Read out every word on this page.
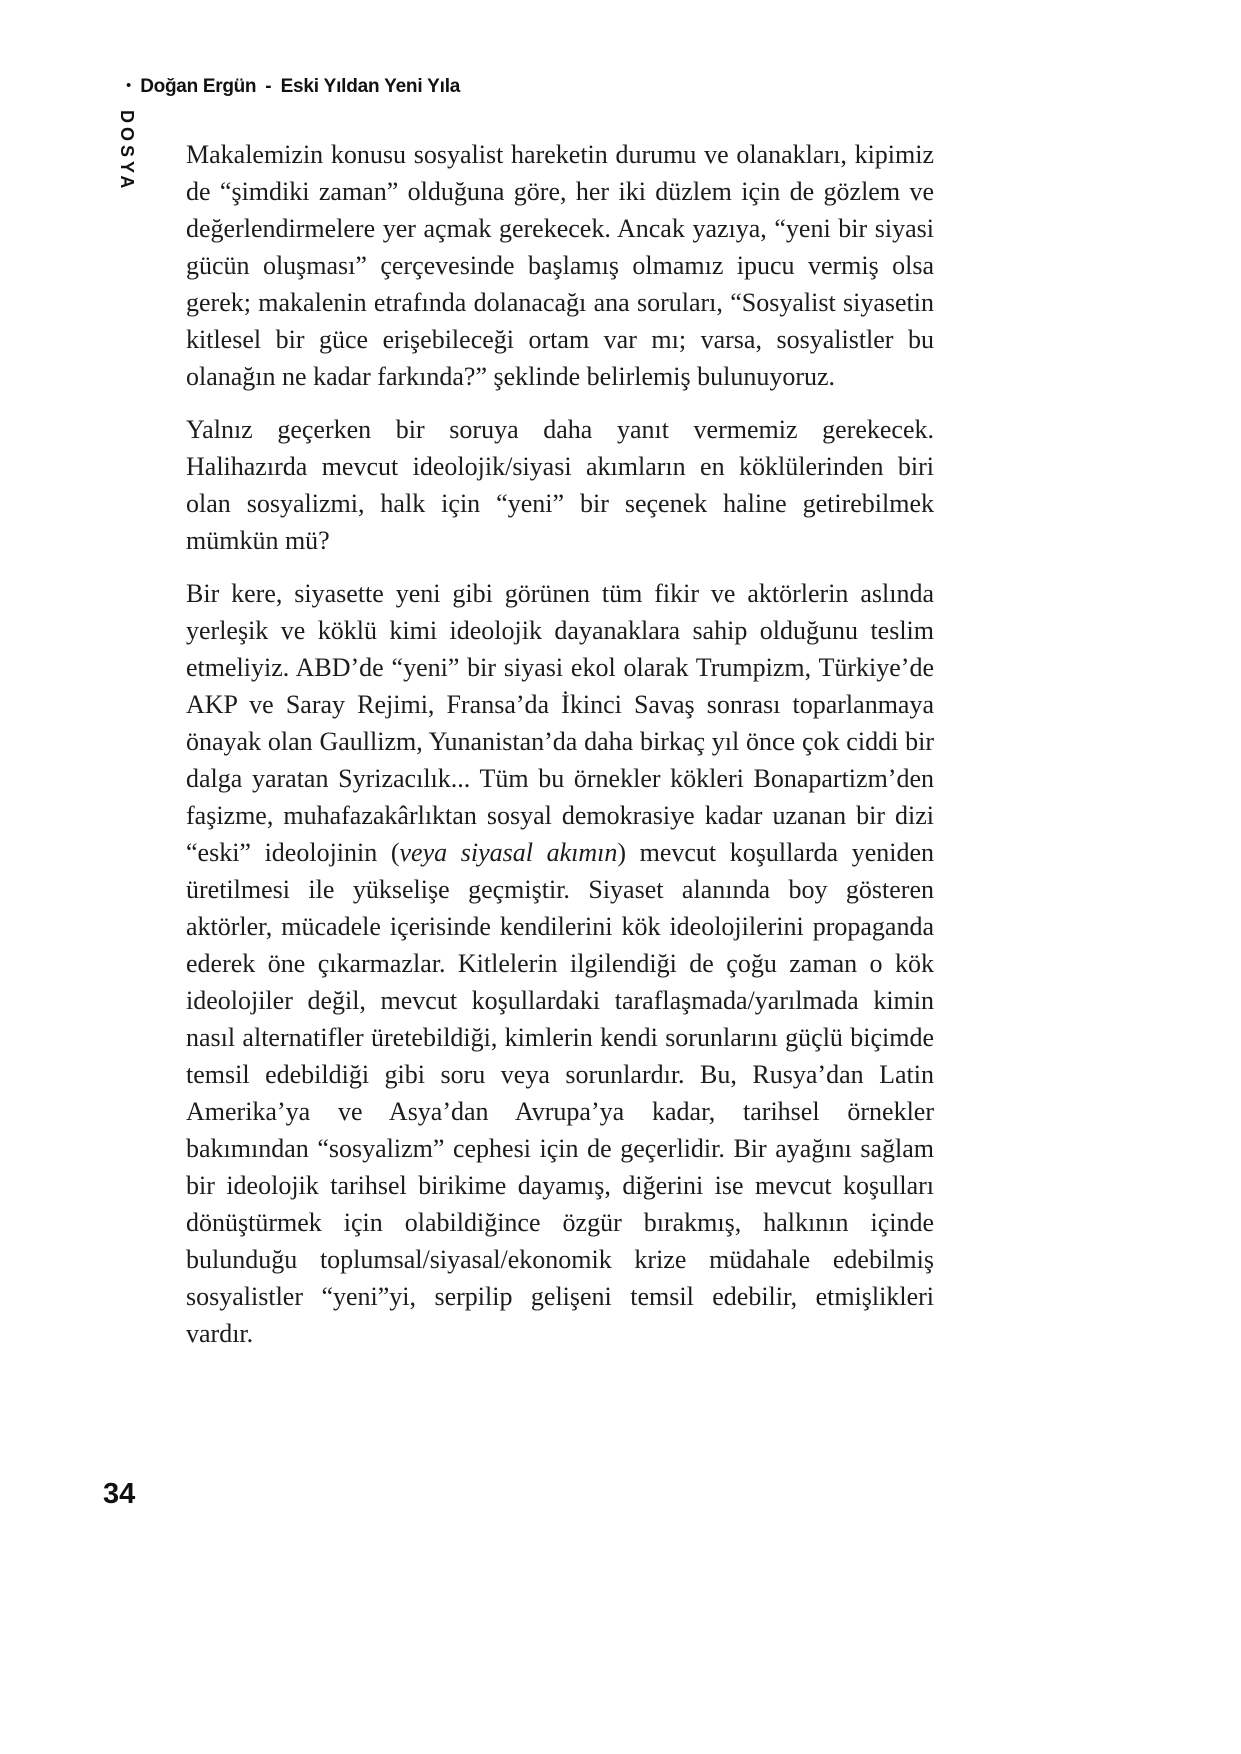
• Doğan Ergün - Eski Yıldan Yeni Yıla
DOSYA Makalemizin konusu sosyalist hareketin durumu ve olanakları, kipimiz de “şimdiki zaman” olduğuna göre, her iki düzlem için de gözlem ve değerlendirmelere yer açmak gerekecek. Ancak yazıya, “yeni bir siyasi gücün oluşması” çerçevesinde başlamış olmamız ipucu vermiş olsa gerek; makalenin etrafında dolanacağı ana soruları, “Sosyalist siyasetin kitlesel bir güce erişebileceği ortam var mı; varsa, sosyalistler bu olanağın ne kadar farkında?” şeklinde belirlemiş bulunuyoruz.

Yalnız geçerken bir soruya daha yanıt vermemiz gerekecek. Halihazırda mevcut ideolojik/siyasi akımların en köklülerinden biri olan sosyalizmi, halk için “yeni” bir seçenek haline getirebilmek mümkün mü?

Bir kere, siyasette yeni gibi görünen tüm fikir ve aktörlerin aslında yerleşik ve köklü kimi ideolojik dayanaklara sahip olduğunu teslim etmeliyiz. ABD’de “yeni” bir siyasi ekol olarak Trumpizm, Türkiye’de AKP ve Saray Rejimi, Fransa’da İkinci Savaş sonrası toparlanmaya önayak olan Gaullizm, Yunanistan’da daha birkaç yıl önce çok ciddi bir dalga yaratan Syrizacılık... Tüm bu örnekler kökleri Bonapartizm’den faşizme, muhafazakârlıktan sosyal demokrasiye kadar uzanan bir dizi “eski” ideolojinin (veya siyasal akımın) mevcut koşullarda yeniden üretilmesi ile yükselişe geçmiştir. Siyaset alanında boy gösteren aktörler, mücadele içerisinde kendilerini kök ideolojilerini propaganda ederek öne çıkarmazlar. Kitlelerin ilgilendiği de çoğu zaman o kök ideolojiler değil, mevcut koşullardaki taraflaşmada/yarılmada kimin nasıl alternatifler üretebildiği, kimlerin kendi sorunlarını güçlü biçimde temsil edebildiği gibi soru veya sorunlardır. Bu, Rusya’dan Latin Amerika’ya ve Asya’dan Avrupa’ya kadar, tarihsel örnekler bakımından “sosyalizm” cephesi için de geçerlidir. Bir ayağını sağlam bir ideolojik tarihsel birikime dayamış, diğerini ise mevcut koşulları dönüştürmek için olabildiğince özgür bırakmış, halkının içinde bulunduğu toplumsal/siyasal/ekonomik krize müdahale edebilmiş sosyalistler “yeni”yi, serpilip gelişeni temsil edebilir, etmişlikleri vardır.

34
